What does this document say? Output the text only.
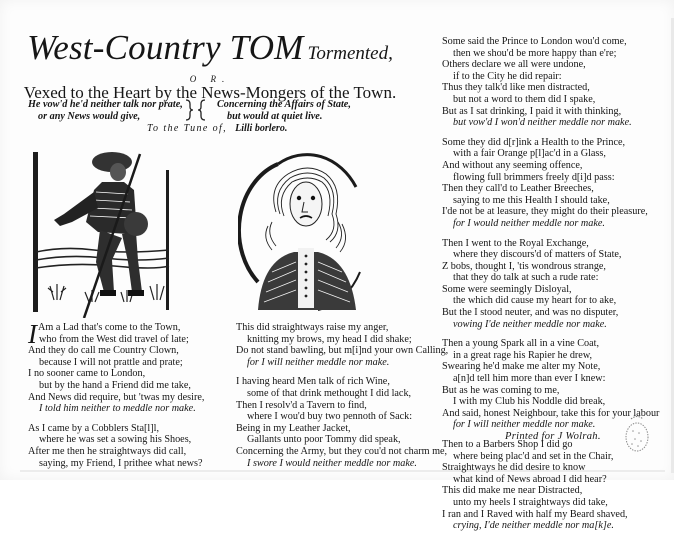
West-Country TOM Tormented,
O R.
Vexed to the Heart by the News-Mongers of the Town.
He vow'd he'd neither talk nor prate,
or any News would give,
Concerning the Affairs of State,
but would at quiet live.
To the Tune of, Lilli borlero.
I Am a Lad that's come to the Town,
who from the West did travel of late;
And they do call me Country Clown,
because I will not prattle and prate;
I no sooner came to London,
but by the hand a Friend did me take,
And News did require, but 'twas my desire,
I told him neither to meddle nor make.
As I came by a Cobblers Sta[l]l,
where he was set a sowing his Shoes,
After me then he straightways did call,
saying, my Friend, I prithee what news?
This did straightways raise my anger,
knitting my brows, my head I did shake;
Do not stand bawling, but m[i]nd your own Calling,
for I will neither meddle nor make.
I having heard Men talk of rich Wine,
some of that drink methought I did lack,
Then I resolv'd a Tavern to find,
where I wou'd buy two pennoth of Sack:
Being in my Leather Jacket,
Gallants unto poor Tommy did speak,
Concerning the Army, but they cou'd not charm me,
I swore I would neither meddle nor make.
Some said the Prince to London wou'd come,
then we shou'd be more happy than e're;
Others declare we all were undone,
if to the City he did repair:
Thus they talk'd like men distracted,
but not a word to them did I spake,
But as I sat drinking, I paid it with thinking,
but vow'd I won'd neither meddle nor make.
Some they did d[r]ink a Health to the Prince,
with a fair Orange p[l]ac'd in a Glass,
And without any seeming offence,
flowing full brimmers freely d[i]d pass:
Then they call'd to Leather Breeches,
saying to me this Health I should take,
I'de not be at leasure, they might do their pleasure,
for I would neither meddle nor make.
Then I went to the Royal Exchange,
where they discours'd of matters of State,
Z bobs, thought I, 'tis wondrous strange,
that they do talk at such a rude rate:
Some were seemingly Disloyal,
the which did cause my heart for to ake,
But the I stood neuter, and was no disputer,
vowing I'de neither meddle nor make.
Then a young Spark all in a vine Coat,
in a great rage his Rapier he drew,
Swearing he'd make me alter my Note,
a[n]d tell him more than ever I knew:
But as he was coming to me,
I with my Club his Noddle did break,
And said, honest Neighbour, take this for your labour
for I will neither meddle nor make.
Then to a Barbers Shop I did go
where being plac'd and set in the Chair,
Straightways he did desire to know
what kind of News abroad I did hear?
This did make me near Distracted,
unto my heels I straightways did take,
I ran and I Raved with half my Beard shaved,
crying, I'de neither meddle nor ma[k]e.
Printed for J Wolrah.
